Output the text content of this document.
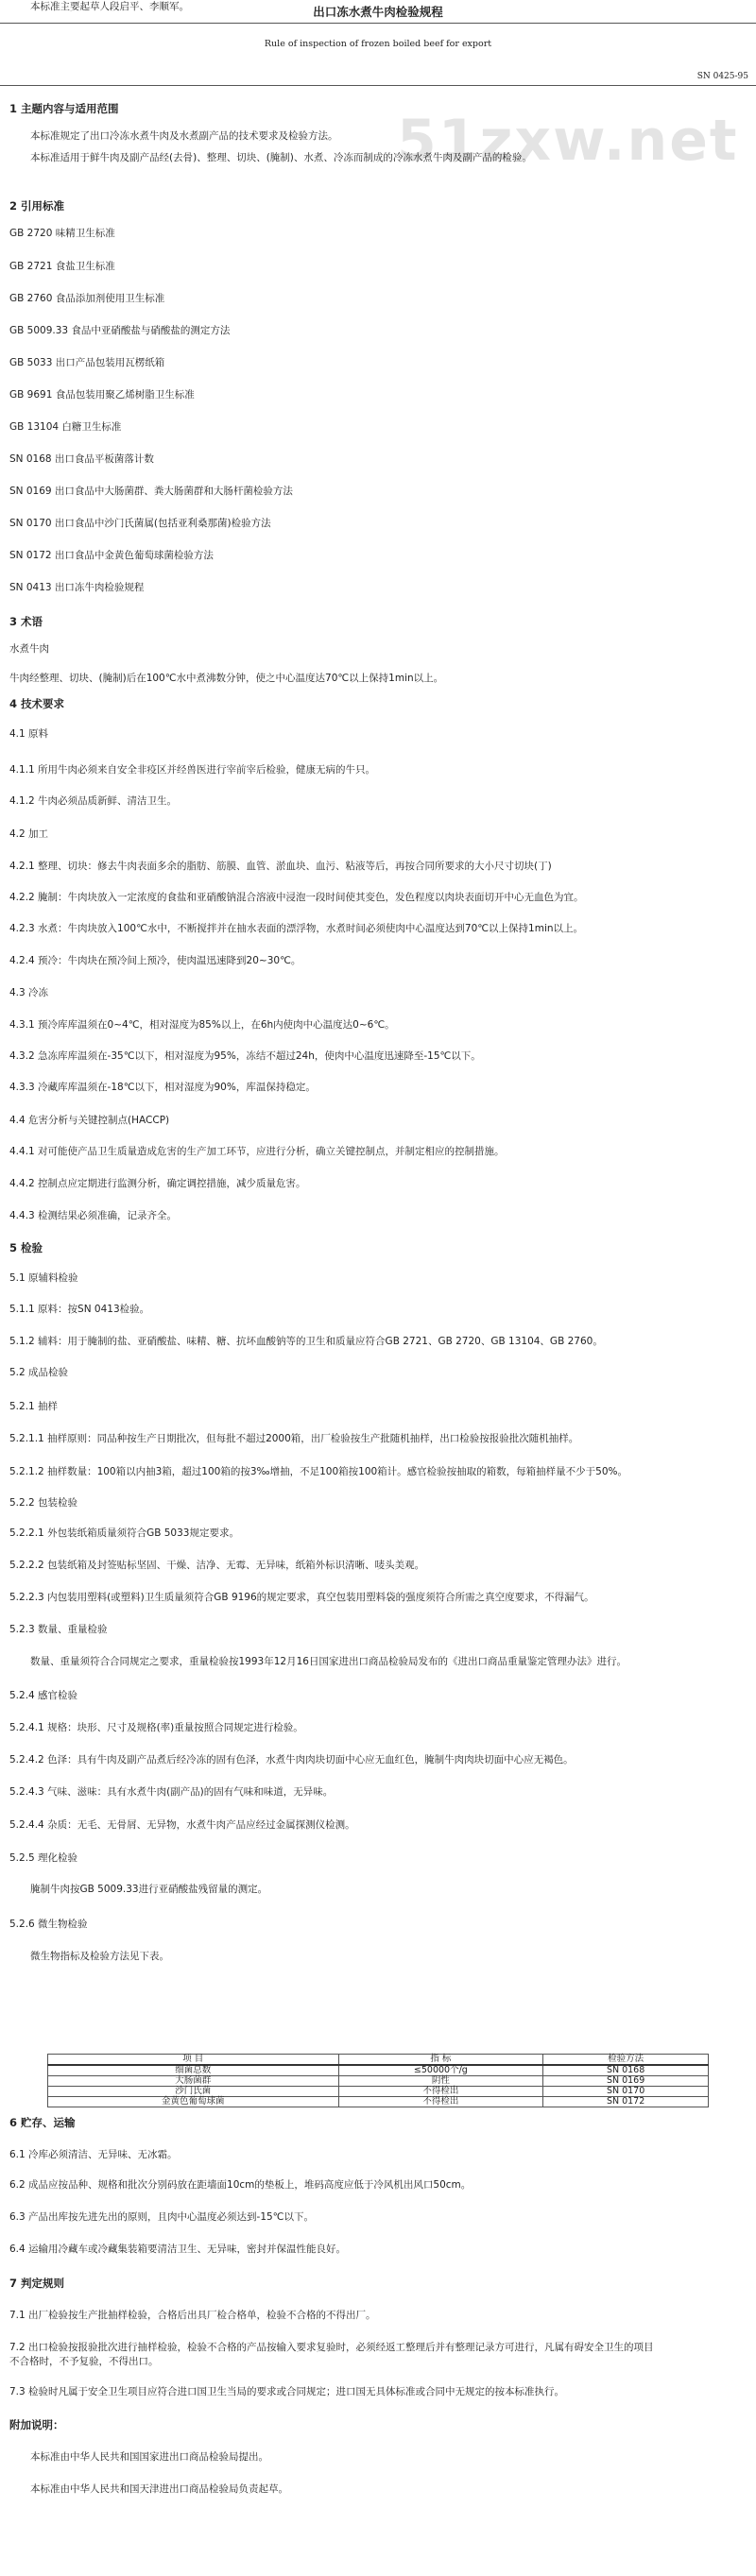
出口冻水煮牛肉检验规程
Rule of inspection of frozen boiled beef for export
SN 0425-95
51zxw.net
1 主题内容与适用范围
本标准规定了出口冷冻水煮牛肉及水煮副产品的技术要求及检验方法。
本标准适用于鲜牛肉及副产品经(去骨)、整理、切块、(腌制)、水煮、冷冻而制成的冷冻水煮牛肉及副产品的检验。
2 引用标准
GB 2720 味精卫生标准
GB 2721 食盐卫生标准
GB 2760 食品添加剂使用卫生标准
GB 5009.33 食品中亚硝酸盐与硝酸盐的测定方法
GB 5033 出口产品包装用瓦楞纸箱
GB 9691 食品包装用聚乙烯树脂卫生标准
GB 13104 白糖卫生标准
SN 0168 出口食品平板菌落计数
SN 0169 出口食品中大肠菌群、粪大肠菌群和大肠杆菌检验方法
SN 0170 出口食品中沙门氏菌属(包括亚利桑那菌)检验方法
SN 0172 出口食品中金黄色葡萄球菌检验方法
SN 0413 出口冻牛肉检验规程
3 术语
水煮牛肉
牛肉经整理、切块、(腌制)后在100℃水中煮沸数分钟，使之中心温度达70℃以上保持1min以上。
4 技术要求
4.1 原料
4.1.1 所用牛肉必须来自安全非疫区并经兽医进行宰前宰后检验，健康无病的牛只。
4.1.2 牛肉必须品质新鲜、清洁卫生。
4.2 加工
4.2.1 整理、切块：修去牛肉表面多余的脂肪、筋膜、血管、淤血块、血污、粘液等后，再按合同所要求的大小尺寸切块(丁)
4.2.2 腌制：牛肉块放入一定浓度的食盐和亚硝酸钠混合溶液中浸泡一段时间使其变色，发色程度以肉块表面切开中心无血色为宜。
4.2.3 水煮：牛肉块放入100℃水中，不断搅拌并在抽水表面的漂浮物，水煮时间必须使肉中心温度达到70℃以上保持1min以上。
4.2.4 预冷：牛肉块在预冷间上预冷，使肉温迅速降到20~30℃。
4.3 冷冻
4.3.1 预冷库库温须在0~4℃，相对湿度为85%以上，在6h内使肉中心温度达0~6℃。
4.3.2 急冻库库温须在-35℃以下，相对湿度为95%，冻结不超过24h，使肉中心温度迅速降至-15℃以下。
4.3.3 冷藏库库温须在-18℃以下，相对湿度为90%，库温保持稳定。
4.4 危害分析与关键控制点(HACCP)
4.4.1 对可能使产品卫生质量造成危害的生产加工环节，应进行分析，确立关键控制点，并制定相应的控制措施。
4.4.2 控制点应定期进行监测分析，确定调控措施，减少质量危害。
4.4.3 检测结果必须准确，记录齐全。
5 检验
5.1 原辅料检验
5.1.1 原料：按SN 0413检验。
5.1.2 辅料：用于腌制的盐、亚硝酸盐、味精、糖、抗坏血酸钠等的卫生和质量应符合GB 2721、GB 2720、GB 13104、GB 2760。
5.2 成品检验
5.2.1 抽样
5.2.1.1 抽样原则：同品种按生产日期批次，但每批不超过2000箱，出厂检验按生产批随机抽样，出口检验按报验批次随机抽样。
5.2.1.2 抽样数量：100箱以内抽3箱，超过100箱的按3‰增抽，不足100箱按100箱计。感官检验按抽取的箱数，每箱抽样量不少于50%。
5.2.2 包装检验
5.2.2.1 外包装纸箱质量须符合GB 5033规定要求。
5.2.2.2 包装纸箱及封签贴标坚固、干燥、洁净、无霉、无异味，纸箱外标识清晰、唛头美观。
5.2.2.3 内包装用塑料(或塑料)卫生质量须符合GB 9196的规定要求，真空包装用塑料袋的强度须符合所需之真空度要求，不得漏气。
5.2.3 数量、重量检验
数量、重量须符合合同规定之要求，重量检验按1993年12月16日国家进出口商品检验局发布的《进出口商品重量鉴定管理办法》进行。
5.2.4 感官检验
5.2.4.1 规格：块形、尺寸及规格(率)重量按照合同规定进行检验。
5.2.4.2 色泽：具有牛肉及副产品煮后经冷冻的固有色泽，水煮牛肉肉块切面中心应无血红色，腌制牛肉肉块切面中心应无褐色。
5.2.4.3 气味、滋味：具有水煮牛肉(副产品)的固有气味和味道，无异味。
5.2.4.4 杂质：无毛、无骨屑、无异物，水煮牛肉产品应经过金属探测仪检测。
5.2.5 理化检验
腌制牛肉按GB 5009.33进行亚硝酸盐残留量的测定。
5.2.6 微生物检验
微生物指标及检验方法见下表。
项 目	指 标	检验方法
细菌总数	≤50000个/g	SN 0168
大肠菌群	阴性	SN 0169
沙门氏菌	不得检出	SN 0170
金黄色葡萄球菌	不得检出	SN 0172
6 贮存、运输
6.1 冷库必须清洁、无异味、无冰霜。
6.2 成品应按品种、规格和批次分别码放在距墙面10cm的垫板上，堆码高度应低于冷风机出风口50cm。
6.3 产品出库按先进先出的原则，且肉中心温度必须达到-15℃以下。
6.4 运输用冷藏车或冷藏集装箱要清洁卫生、无异味，密封并保温性能良好。
7 判定规则
7.1 出厂检验按生产批抽样检验，合格后出具厂检合格单，检验不合格的不得出厂。
7.2 出口检验按报验批次进行抽样检验，检验不合格的产品按输入要求复验时，必须经返工整理后并有整理记录方可进行，凡属有碍安全卫生的项目
不合格时，不予复验，不得出口。
7.3 检验时凡属于安全卫生项目应符合进口国卫生当局的要求或合同规定；进口国无具体标准或合同中无规定的按本标准执行。
附加说明：
本标准由中华人民共和国国家进出口商品检验局提出。
本标准由中华人民共和国天津进出口商品检验局负责起草。
本标准主要起草人段启平、李顺军。
